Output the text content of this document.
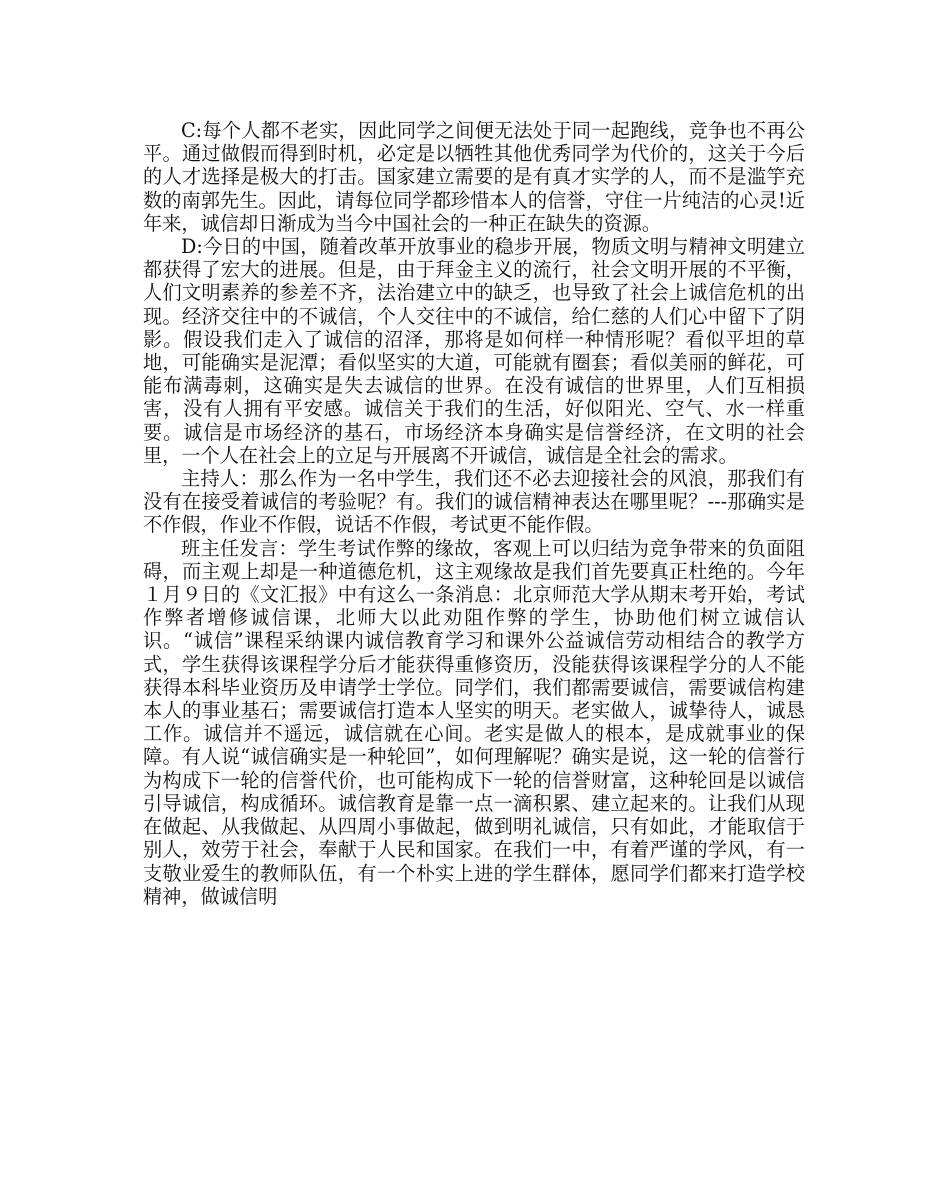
C:每个人都不老实，因此同学之间便无法处于同一起跑线，竞争也不再公平。通过做假而得到时机，必定是以牺牲其他优秀同学为代价的，这关于今后的人才选择是极大的打击。国家建立需要的是有真才实学的人，而不是滥竽充数的南郭先生。因此，请每位同学都珍惜本人的信誉，守住一片纯洁的心灵!近年来，诚信却日渐成为当今中国社会的一种正在缺失的资源。

D:今日的中国，随着改革开放事业的稳步开展，物质文明与精神文明建立都获得了宏大的进展。但是，由于拜金主义的流行，社会文明开展的不平衡，人们文明素养的参差不齐，法治建立中的缺乏，也导致了社会上诚信危机的出现。经济交往中的不诚信，个人交往中的不诚信，给仁慈的人们心中留下了阴影。假设我们走入了诚信的沼泽，那将是如何样一种情形呢？看似平坦的草地，可能确实是泥潭；看似坚实的大道，可能就有圈套；看似美丽的鲜花，可能布满毒刺，这确实是失去诚信的世界。在没有诚信的世界里，人们互相损害，没有人拥有平安感。诚信关于我们的生活，好似阳光、空气、水一样重要。诚信是市场经济的基石，市场经济本身确实是信誉经济，在文明的社会里，一个人在社会上的立足与开展离不开诚信，诚信是全社会的需求。

主持人：那么作为一名中学生，我们还不必去迎接社会的风浪，那我们有没有在接受着诚信的考验呢？有。我们的诚信精神表达在哪里呢？---那确实是不作假，作业不作假，说话不作假，考试更不能作假。

班主任发言：学生考试作弊的缘故，客观上可以归结为竞争带来的负面阻碍，而主观上却是一种道德危机，这主观缘故是我们首先要真正杜绝的。今年１月９日的《文汇报》中有这么一条消息：北京师范大学从期末考开始，考试作弊者增修诚信课，北师大以此劝阻作弊的学生，协助他们树立诚信认识。“诚信”课程采纳课内诚信教育学习和课外公益诚信劳动相结合的教学方式，学生获得该课程学分后才能获得重修资历，没能获得该课程学分的人不能获得本科毕业资历及申请学士学位。同学们，我们都需要诚信，需要诚信构建本人的事业基石；需要诚信打造本人坚实的明天。老实做人，诚挚待人，诚恳工作。诚信并不遥远，诚信就在心间。老实是做人的根本，是成就事业的保障。有人说“诚信确实是一种轮回”，如何理解呢？确实是说，这一轮的信誉行为构成下一轮的信誉代价，也可能构成下一轮的信誉财富，这种轮回是以诚信引导诚信，构成循环。诚信教育是靠一点一滴积累、建立起来的。让我们从现在做起、从我做起、从四周小事做起，做到明礼诚信，只有如此，才能取信于别人，效劳于社会，奉献于人民和国家。在我们一中，有着严谨的学风，有一支敬业爱生的教师队伍，有一个朴实上进的学生群体，愿同学们都来打造学校精神，做诚信明
